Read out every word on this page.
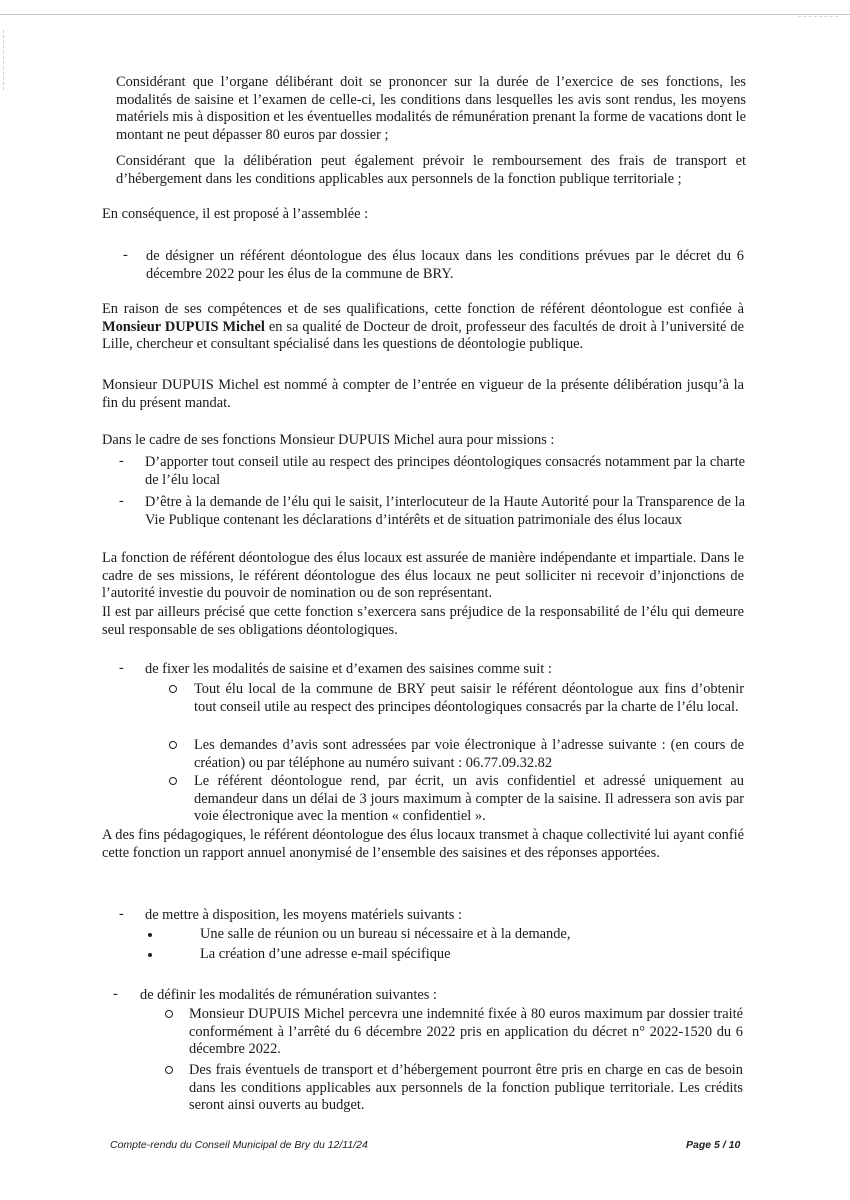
Considérant que l’organe délibérant doit se prononcer sur la durée de l’exercice de ses fonctions, les modalités de saisine et l’examen de celle-ci, les conditions dans lesquelles les avis sont rendus, les moyens matériels mis à disposition et les éventuelles modalités de rémunération prenant la forme de vacations dont le montant ne peut dépasser 80 euros par dossier ;

Considérant que la délibération peut également prévoir le remboursement des frais de transport et d’hébergement dans les conditions applicables aux personnels de la fonction publique territoriale ;

En conséquence, il est proposé à l’assemblée :

- de désigner un référent déontologue des élus locaux dans les conditions prévues par le décret du 6 décembre 2022 pour les élus de la commune de BRY.

En raison de ses compétences et de ses qualifications, cette fonction de référent déontologue est confiée à Monsieur DUPUIS Michel en sa qualité de Docteur de droit, professeur des facultés de droit à l’université de Lille, chercheur et consultant spécialisé dans les questions de déontologie publique.

Monsieur DUPUIS Michel est nommé à compter de l’entrée en vigueur de la présente délibération jusqu’à la fin du présent mandat.

Dans le cadre de ses fonctions Monsieur DUPUIS Michel aura pour missions :

- D’apporter tout conseil utile au respect des principes déontologiques consacrés notamment par la charte de l’élu local

- D’être à la demande de l’élu qui le saisit, l’interlocuteur de la Haute Autorité pour la Transparence de la Vie Publique contenant les déclarations d’intérêts et de situation patrimoniale des élus locaux

La fonction de référent déontologue des élus locaux est assurée de manière indépendante et impartiale. Dans le cadre de ses missions, le référent déontologue des élus locaux ne peut solliciter ni recevoir d’injonctions de l’autorité investie du pouvoir de nomination ou de son représentant.

Il est par ailleurs précisé que cette fonction s’exercera sans préjudice de la responsabilité de l’élu qui demeure seul responsable de ses obligations déontologiques.

- de fixer les modalités de saisine et d’examen des saisines comme suit :

Tout élu local de la commune de BRY peut saisir le référent déontologue aux fins d’obtenir tout conseil utile au respect des principes déontologiques consacrés par la charte de l’élu local.

Les demandes d’avis sont adressées par voie électronique à l’adresse suivante : (en cours de création) ou par téléphone au numéro suivant : 06.77.09.32.82

Le référent déontologue rend, par écrit, un avis confidentiel et adressé uniquement au demandeur dans un délai de 3 jours maximum à compter de la saisine. Il adressera son avis par voie électronique avec la mention « confidentiel ».

A des fins pédagogiques, le référent déontologue des élus locaux transmet à chaque collectivité lui ayant confié cette fonction un rapport annuel anonymisé de l’ensemble des saisines et des réponses apportées.

- de mettre à disposition, les moyens matériels suivants :

Une salle de réunion ou un bureau si nécessaire et à la demande,

La création d’une adresse e-mail spécifique

- de définir les modalités de rémunération suivantes :

Monsieur DUPUIS Michel percevra une indemnité fixée à 80 euros maximum par dossier traité conformément à l’arrêté du 6 décembre 2022 pris en application du décret n° 2022-1520 du 6 décembre 2022.

Des frais éventuels de transport et d’hébergement pourront être pris en charge en cas de besoin dans les conditions applicables aux personnels de la fonction publique territoriale. Les crédits seront ainsi ouverts au budget.

Compte-rendu du Conseil Municipal de Bry du 12/11/24	Page 5 / 10
